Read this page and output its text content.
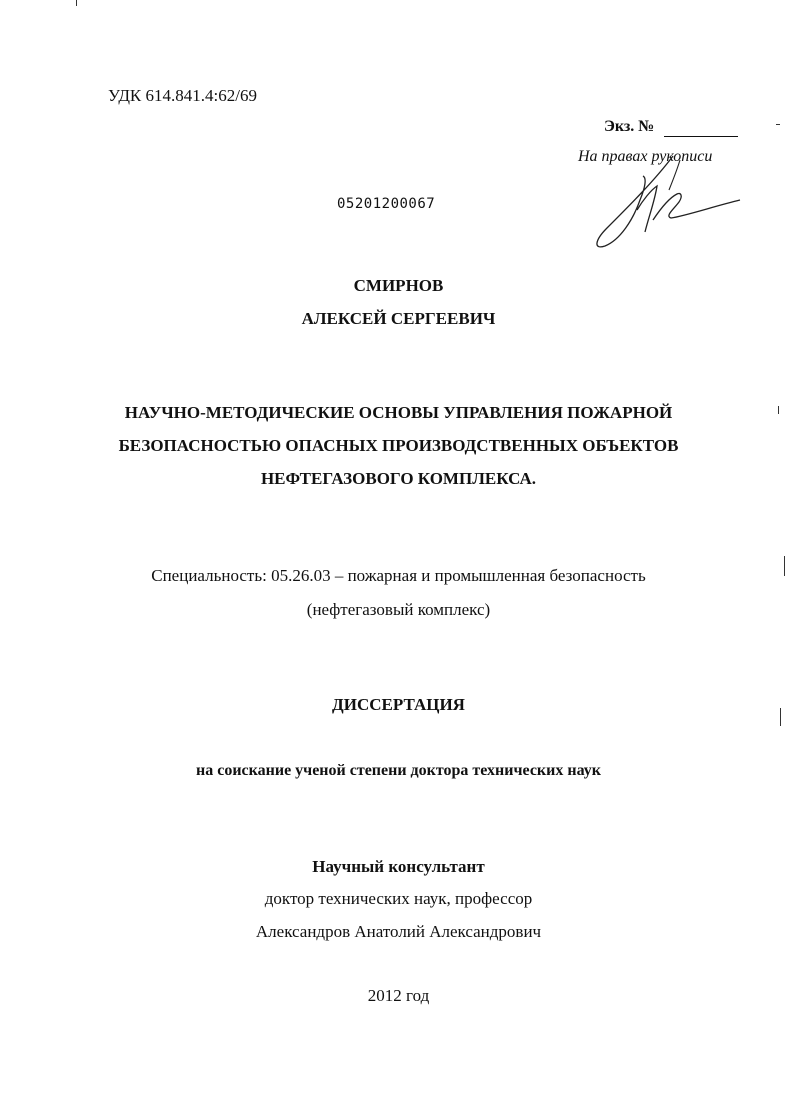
УДК 614.841.4:62/69
Экз. №
На правах рукописи
05201200067
СМИРНОВ
АЛЕКСЕЙ СЕРГЕЕВИЧ
НАУЧНО-МЕТОДИЧЕСКИЕ ОСНОВЫ УПРАВЛЕНИЯ ПОЖАРНОЙ
БЕЗОПАСНОСТЬЮ ОПАСНЫХ ПРОИЗВОДСТВЕННЫХ ОБЪЕКТОВ
НЕФТЕГАЗОВОГО КОМПЛЕКСА.
Специальность: 05.26.03 – пожарная и промышленная безопасность
(нефтегазовый комплекс)
ДИССЕРТАЦИЯ
на соискание ученой степени доктора технических наук
Научный консультант
доктор технических наук, профессор
Александров Анатолий Александрович
2012 год
